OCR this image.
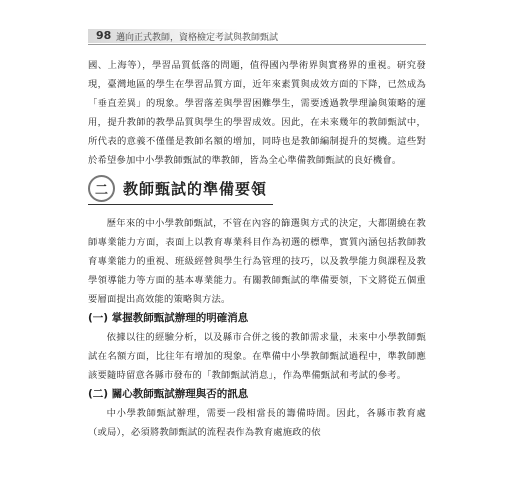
98 邁向正式教師，資格檢定考試與教師甄試

國、上海等），學習品質低落的問題，值得國內學術界與實務界的重視。研究發現，臺灣地區的學生在學習品質方面，近年來素質與成效方面的下降，已然成為「垂直差異」的現象。學習落差與學習困難學生，需要透過教學理論與策略的運用，提升教師的教學品質與學生的學習成效。因此，在未來幾年的教師甄試中，所代表的意義不僅僅是教師名額的增加，同時也是教師編制提升的契機。這些對於希望參加中小學教師甄試的準教師，皆為全心準備教師甄試的良好機會。

二	教師甄試的準備要領

歷年來的中小學教師甄試，不管在內容的篩選與方式的決定，大都圍繞在教師專業能力方面，表面上以教育專業科目作為初選的標準，實質內涵包括教師教育專業能力的重視、班級經營與學生行為管理的技巧，以及教學能力與課程及教學領導能力等方面的基本專業能力。有關教師甄試的準備要領，下文將從五個重要層面提出高效能的策略與方法。

(一) 掌握教師甄試辦理的明確消息

依據以往的經驗分析，以及縣市合併之後的教師需求量，未來中小學教師甄試在名額方面，比往年有增加的現象。在準備中小學教師甄試過程中，準教師應該要隨時留意各縣市發布的「教師甄試消息」，作為準備甄試和考試的參考。

(二) 關心教師甄試辦理與否的訊息

中小學教師甄試辦理，需要一段相當長的籌備時間。因此，各縣市教育處（或局），必須將教師甄試的流程表作為教育處施政的依
